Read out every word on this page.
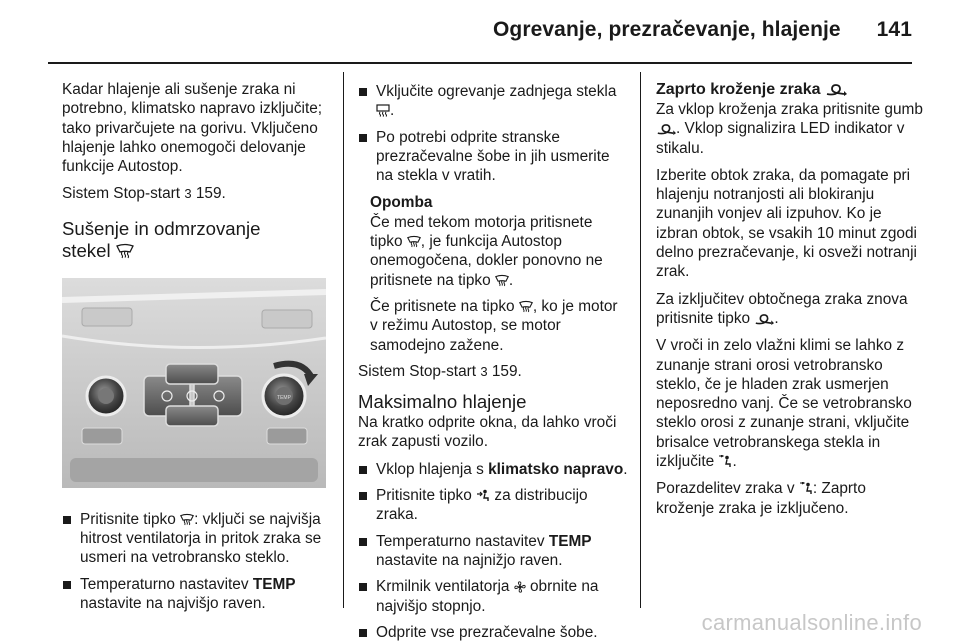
Ogrevanje, prezračevanje, hlajenje 141
Kadar hlajenje ali sušenje zraka ni potrebno, klimatsko napravo izključite; tako privarčujete na gorivu. Vključeno hlajenje lahko onemogoči delovanje funkcije Autostop.
Sistem Stop-start 3 159.
Sušenje in odmrzovanje
stekel
TEMP
Pritisnite tipko : vključi se najvišja hitrost ventilatorja in pritok zraka se usmeri na vetrobransko steklo.
Temperaturno nastavitev TEMP nastavite na najvišjo raven.
Vključite ogrevanje zadnjega stekla
.
Po potrebi odprite stranske prezračevalne šobe in jih usmerite na stekla v vratih.
Opomba
Če med tekom motorja pritisnete tipko , je funkcija Autostop onemogočena, dokler ponovno ne pritisnete na tipko .
Če pritisnete na tipko , ko je motor v režimu Autostop, se motor samodejno zažene.
Sistem Stop-start 3 159.
Maksimalno hlajenje
Na kratko odprite okna, da lahko vroči zrak zapusti vozilo.
Vklop hlajenja s klimatsko napravo.
Pritisnite tipko za distribucijo zraka.
Temperaturno nastavitev TEMP nastavite na najnižjo raven.
Krmilnik ventilatorja obrnite na najvišjo stopnjo.
Odprite vse prezračevalne šobe.
Zaprto kroženje zraka
Za vklop kroženja zraka pritisnite gumb . Vklop signalizira LED indikator v stikalu.
Izberite obtok zraka, da pomagate pri hlajenju notranjosti ali blokiranju zunanjih vonjev ali izpuhov. Ko je izbran obtok, se vsakih 10 minut zgodi delno prezračevanje, ki osveži notranji zrak.
Za izključitev obtočnega zraka znova pritisnite tipko .
V vroči in zelo vlažni klimi se lahko z zunanje strani orosi vetrobransko steklo, če je hladen zrak usmerjen neposredno vanj. Če se vetrobransko steklo orosi z zunanje strani, vključite brisalce vetrobranskega stekla in izključite .
Porazdelitev zraka v : Zaprto kroženje zraka je izključeno.
carmanualsonline.info
